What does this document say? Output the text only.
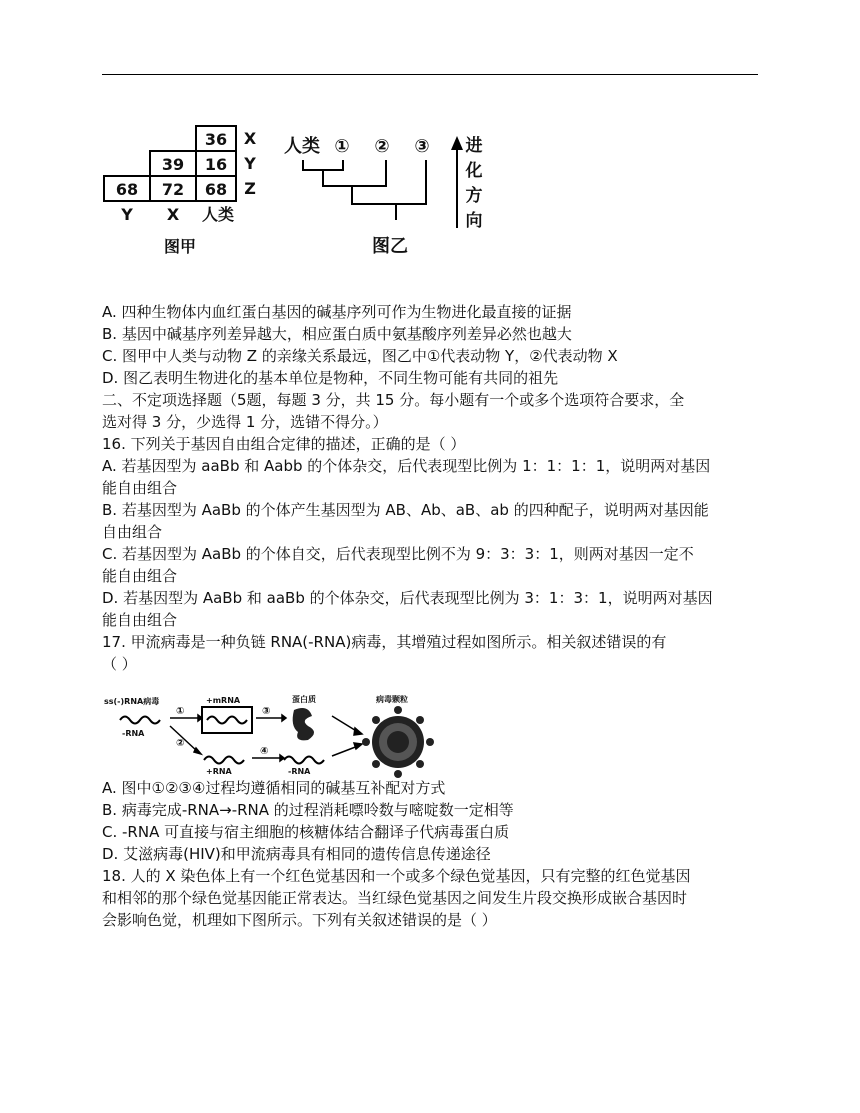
36
39 16
68 72 68
X
Y
Z
Y X 人类
图甲
人类 ① ② ③
图乙
进
化
方
向
A. 四种生物体内血红蛋白基因的碱基序列可作为生物进化最直接的证据
B. 基因中碱基序列差异越大，相应蛋白质中氨基酸序列差异必然也越大
C. 图甲中人类与动物 Z 的亲缘关系最远，图乙中①代表动物 Y，②代表动物 X
D. 图乙表明生物进化的基本单位是物种，不同生物可能有共同的祖先
二、不定项选择题（5题，每题 3 分，共 15 分。每小题有一个或多个选项符合要求，全
选对得 3 分，少选得 1 分，选错不得分。）
16. 下列关于基因自由组合定律的描述，正确的是（ ）
A. 若基因型为 aaBb 和 Aabb 的个体杂交，后代表现型比例为 1：1：1：1，说明两对基因
能自由组合
B. 若基因型为 AaBb 的个体产生基因型为 AB、Ab、aB、ab 的四种配子，说明两对基因能
自由组合
C. 若基因型为 AaBb 的个体自交，后代表现型比例不为 9：3：3：1，则两对基因一定不
能自由组合
D. 若基因型为 AaBb 和 aaBb 的个体杂交，后代表现型比例为 3：1：3：1，说明两对基因
能自由组合
17. 甲流病毒是一种负链 RNA(-RNA)病毒，其增殖过程如图所示。相关叙述错误的有
（ ）
ss(-)RNA病毒
-RNA
+mRNA
+RNA	-RNA
蛋白质	病毒颗粒
①
②
③
④
A. 图中①②③④过程均遵循相同的碱基互补配对方式
B. 病毒完成-RNA→-RNA 的过程消耗嘌呤数与嘧啶数一定相等
C. -RNA 可直接与宿主细胞的核糖体结合翻译子代病毒蛋白质
D. 艾滋病毒(HIV)和甲流病毒具有相同的遗传信息传递途径
18. 人的 X 染色体上有一个红色觉基因和一个或多个绿色觉基因，只有完整的红色觉基因
和相邻的那个绿色觉基因能正常表达。当红绿色觉基因之间发生片段交换形成嵌合基因时
会影响色觉，机理如下图所示。下列有关叙述错误的是（ ）
